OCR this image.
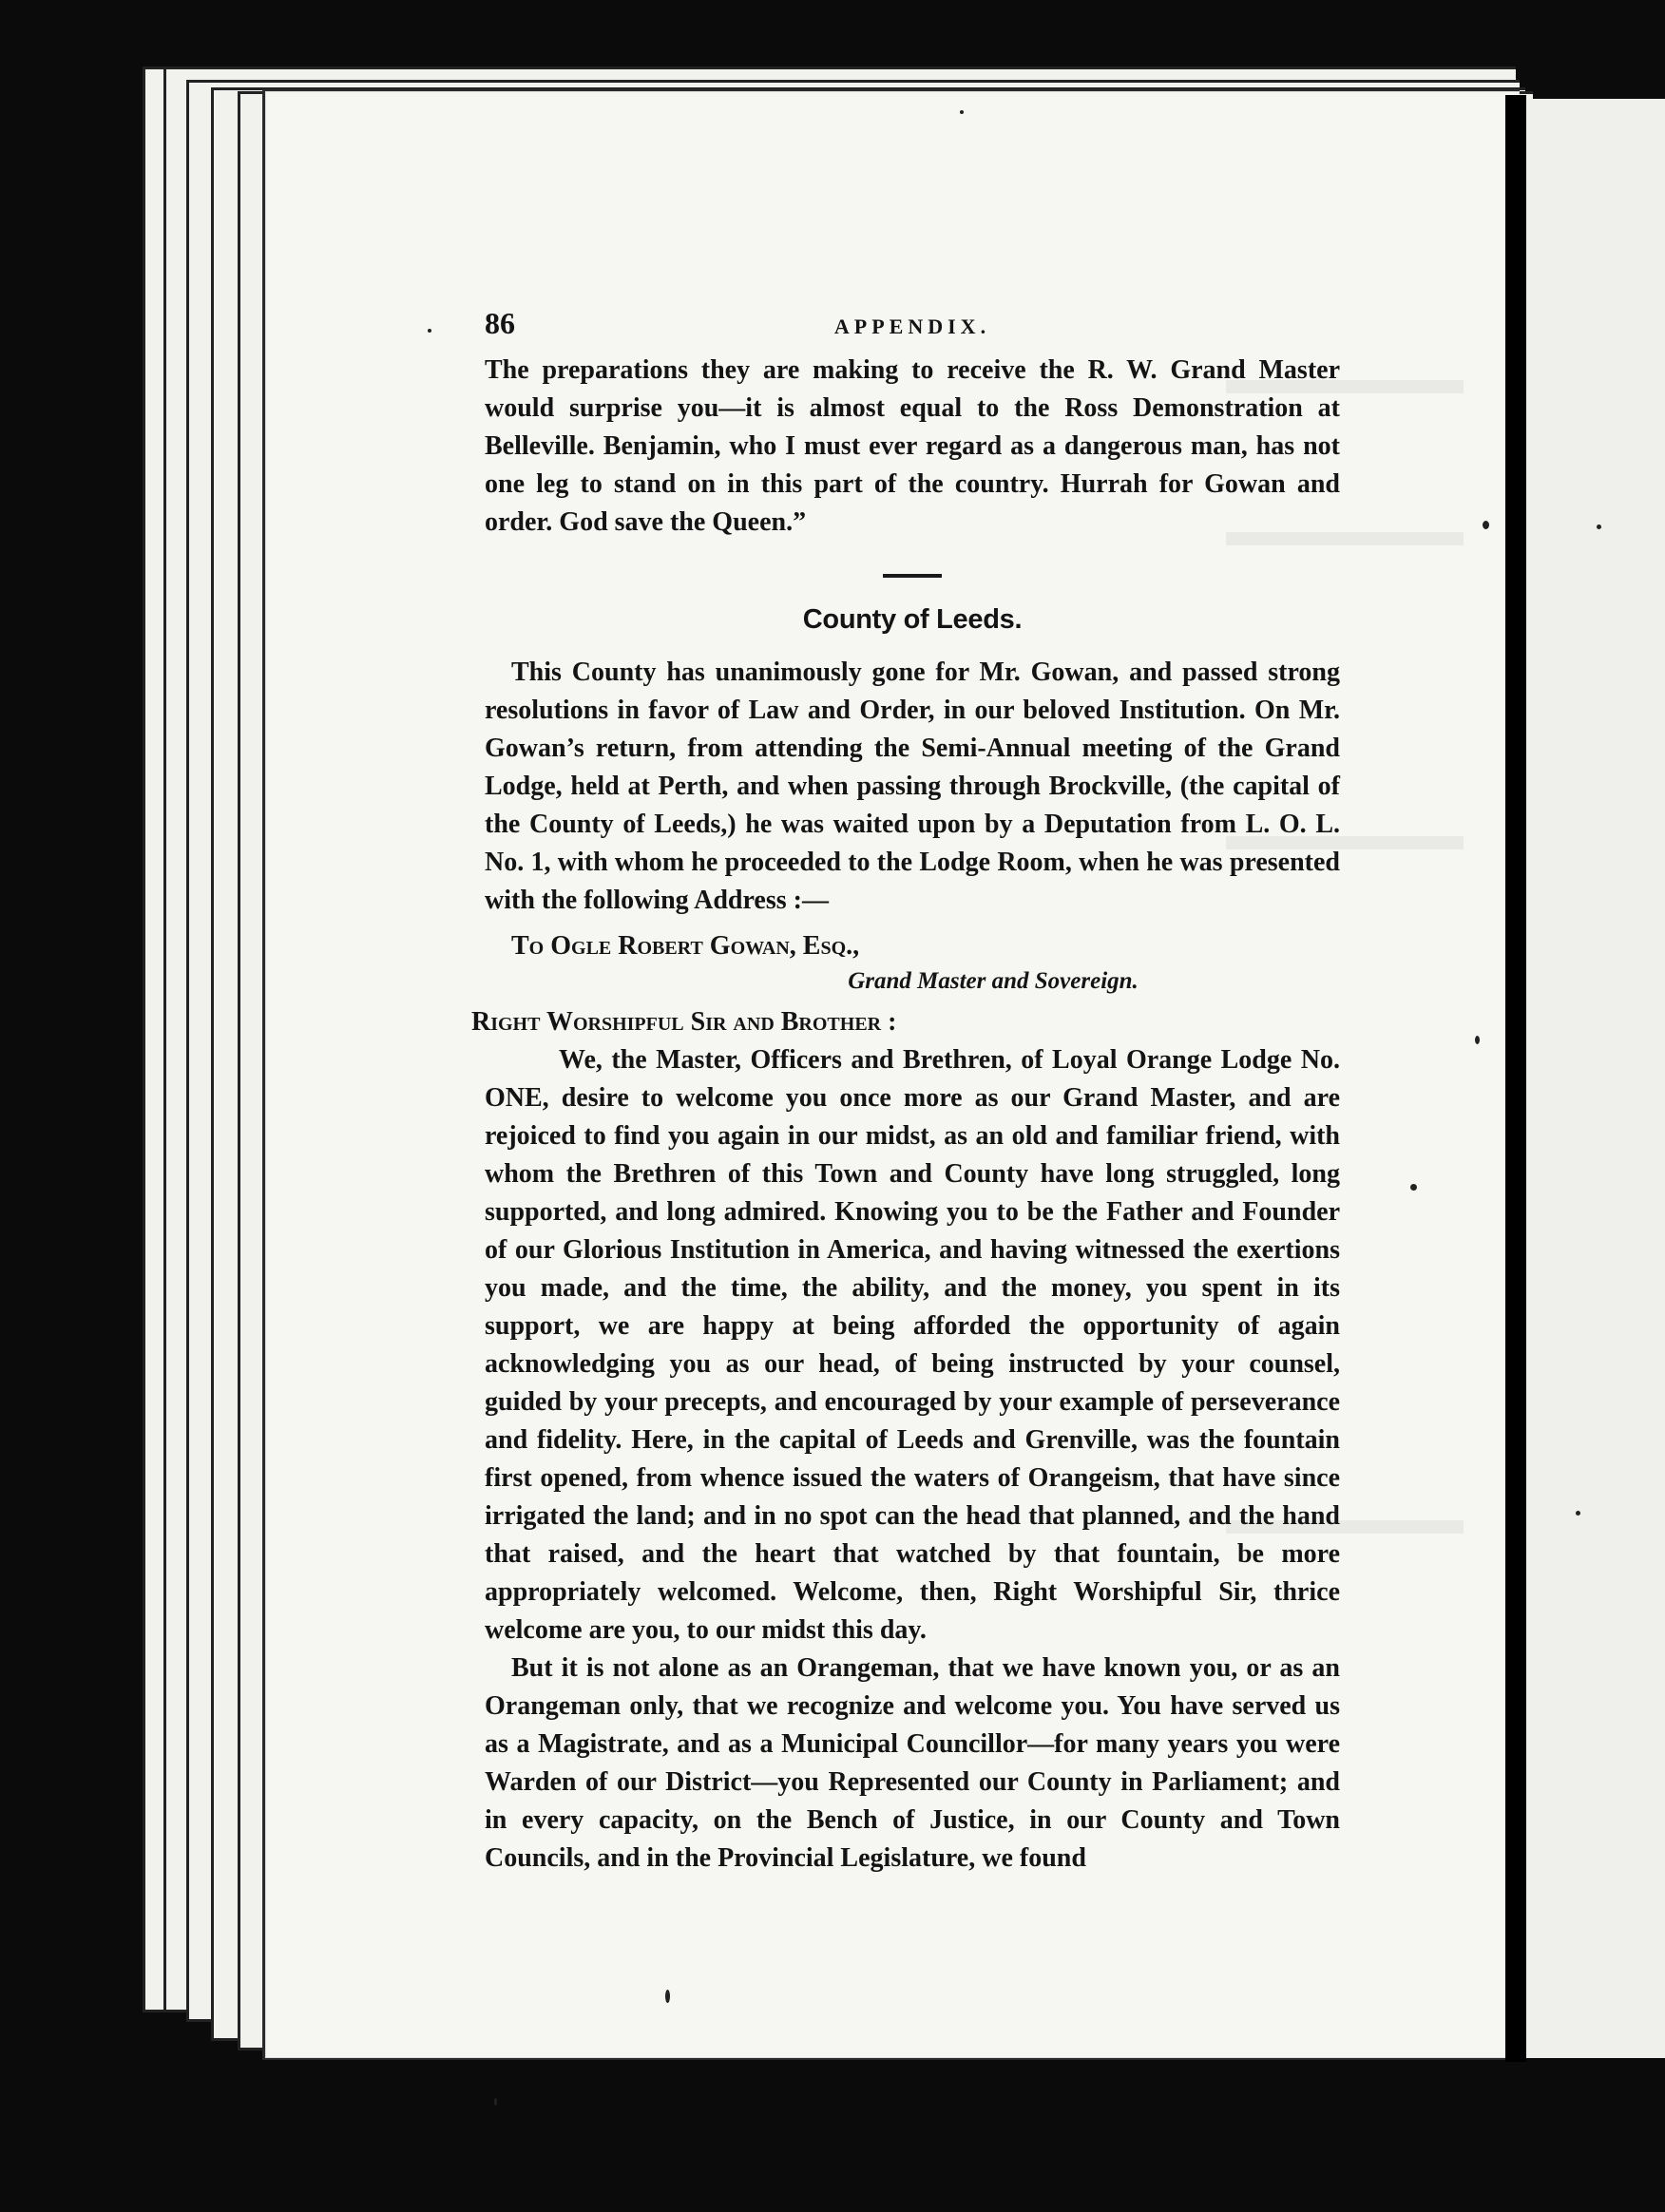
86	APPENDIX.

The preparations they are making to receive the R. W. Grand Master would surprise you—it is almost equal to the Ross Demonstration at Belleville. Benjamin, who I must ever regard as a dangerous man, has not one leg to stand on in this part of the country. Hurrah for Gowan and order. God save the Queen.”

County of Leeds.

This County has unanimously gone for Mr. Gowan, and passed strong resolutions in favor of Law and Order, in our beloved Institution. On Mr. Gowan’s return, from attending the Semi-Annual meeting of the Grand Lodge, held at Perth, and when passing through Brockville, (the capital of the County of Leeds,) he was waited upon by a Deputation from L. O. L. No. 1, with whom he proceeded to the Lodge Room, when he was presented with the following Address :—

To Ogle Robert Gowan, Esq.,

Grand Master and Sovereign.

Right Worshipful Sir and Brother :

We, the Master, Officers and Brethren, of Loyal Orange Lodge No. ONE, desire to welcome you once more as our Grand Master, and are rejoiced to find you again in our midst, as an old and familiar friend, with whom the Brethren of this Town and County have long struggled, long supported, and long admired. Knowing you to be the Father and Founder of our Glorious Institution in America, and having witnessed the exertions you made, and the time, the ability, and the money, you spent in its support, we are happy at being afforded the opportunity of again acknowledging you as our head, of being instructed by your counsel, guided by your precepts, and encouraged by your example of perseverance and fidelity. Here, in the capital of Leeds and Grenville, was the fountain first opened, from whence issued the waters of Orangeism, that have since irrigated the land; and in no spot can the head that planned, and the hand that raised, and the heart that watched by that fountain, be more appropriately welcomed. Welcome, then, Right Worshipful Sir, thrice welcome are you, to our midst this day.

But it is not alone as an Orangeman, that we have known you, or as an Orangeman only, that we recognize and welcome you. You have served us as a Magistrate, and as a Municipal Councillor—for many years you were Warden of our District—you Represented our County in Parliament; and in every capacity, on the Bench of Justice, in our County and Town Councils, and in the Provincial Legislature, we found
